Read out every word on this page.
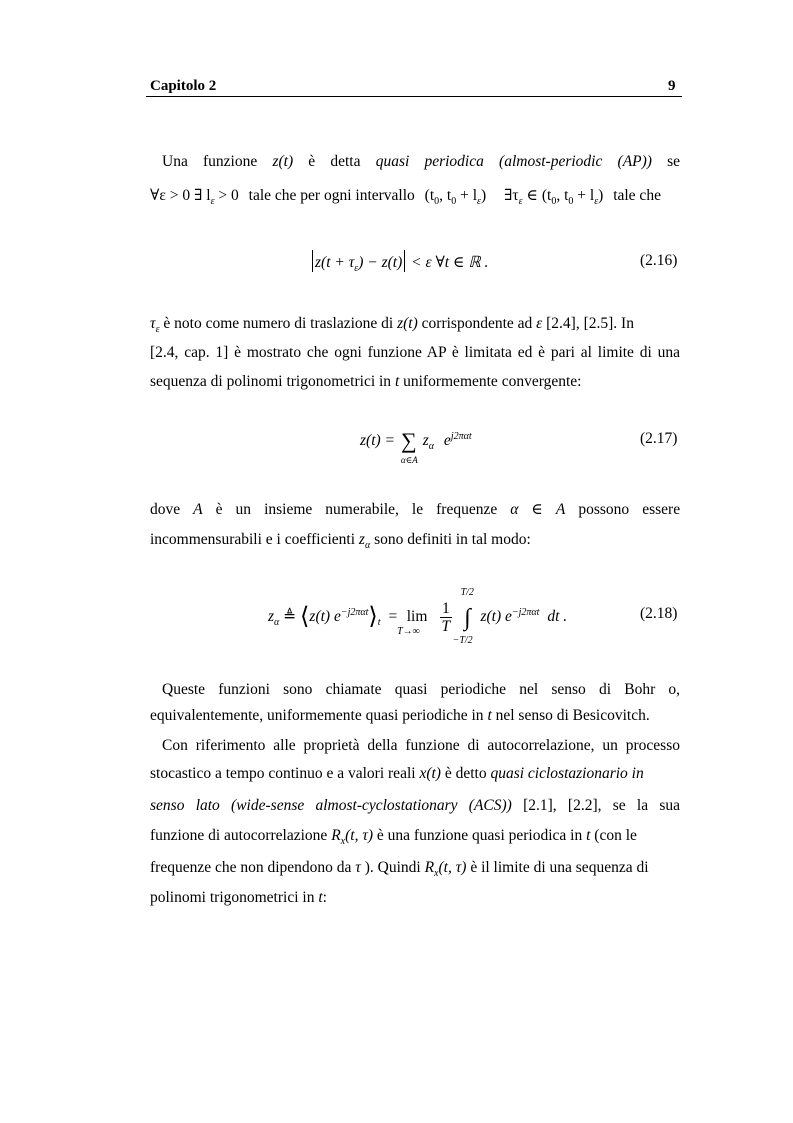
Capitolo 2	9
Una funzione z(t) è detta quasi periodica (almost-periodic (AP)) se
∀ε > 0 ∃ $l_\varepsilon > 0$ tale che per ogni intervallo ($t_0$, $t_0 + l_\varepsilon$) $\exists\tau_\varepsilon$ ∈ ($t_0$, $t_0 + l_\varepsilon$) tale che
$z(t + \tau_\varepsilon) - z(t) < \varepsilon$ ∀t ∈ ℝ .	(2.16)
$\tau_\varepsilon$ è noto come numero di traslazione di z(t) corrispondente ad ε [2.4], [2.5]. In
[2.4, cap. 1] è mostrato che ogni funzione AP è limitata ed è pari al limite di una
sequenza di polinomi trigonometrici in t uniformemente convergente:
z(t) = ∑
α∈A
$z_\alpha$ $e^{j2\pi\alpha t}$	(2.17)
dove A è un insieme numerabile, le frequenze α ∈ A possono essere
incommensurabili e i coefficienti $z_\alpha$ sono definiti in tal modo:
$z_\alpha$ ≜ ⟨z(t) $e^{-j2\pi\alpha t}⟩_t = \lim$
T→∞
$\frac{1}{T}$ ∫
T/2
−T/2
z(t) $e^{-j2\pi\alpha t}$ dt .	(2.18)
Queste funzioni sono chiamate quasi periodiche nel senso di Bohr o,
equivalentemente, uniformemente quasi periodiche in t nel senso di Besicovitch.
Con riferimento alle proprietà della funzione di autocorrelazione, un processo
stocastico a tempo continuo e a valori reali x(t) è detto quasi ciclostazionario in
senso lato (wide-sense almost-cyclostationary (ACS)) [2.1], [2.2], se la sua
funzione di autocorrelazione $R_x(t$, τ) è una funzione quasi periodica in t (con le
frequenze che non dipendono da τ ). Quindi $R_x(t$, τ) è il limite di una sequenza di
polinomi trigonometrici in t:
